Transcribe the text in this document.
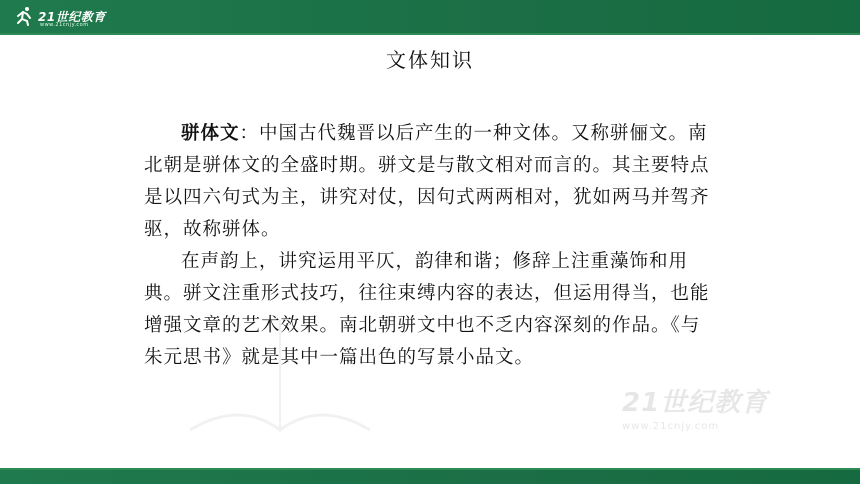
21世纪教育
www.21cnjy.com
21世纪教育
www.21cnjy.com
文体知识

骈体文：中国古代魏晋以后产生的一种文体。又称骈俪文。南北朝是骈体文的全盛时期。骈文是与散文相对而言的。其主要特点是以四六句式为主，讲究对仗，因句式两两相对，犹如两马并驾齐驱，故称骈体。

在声韵上，讲究运用平仄，韵律和谐；修辞上注重藻饰和用典。骈文注重形式技巧，往往束缚内容的表达，但运用得当，也能增强文章的艺术效果。南北朝骈文中也不乏内容深刻的作品。《与朱元思书》就是其中一篇出色的写景小品文。
